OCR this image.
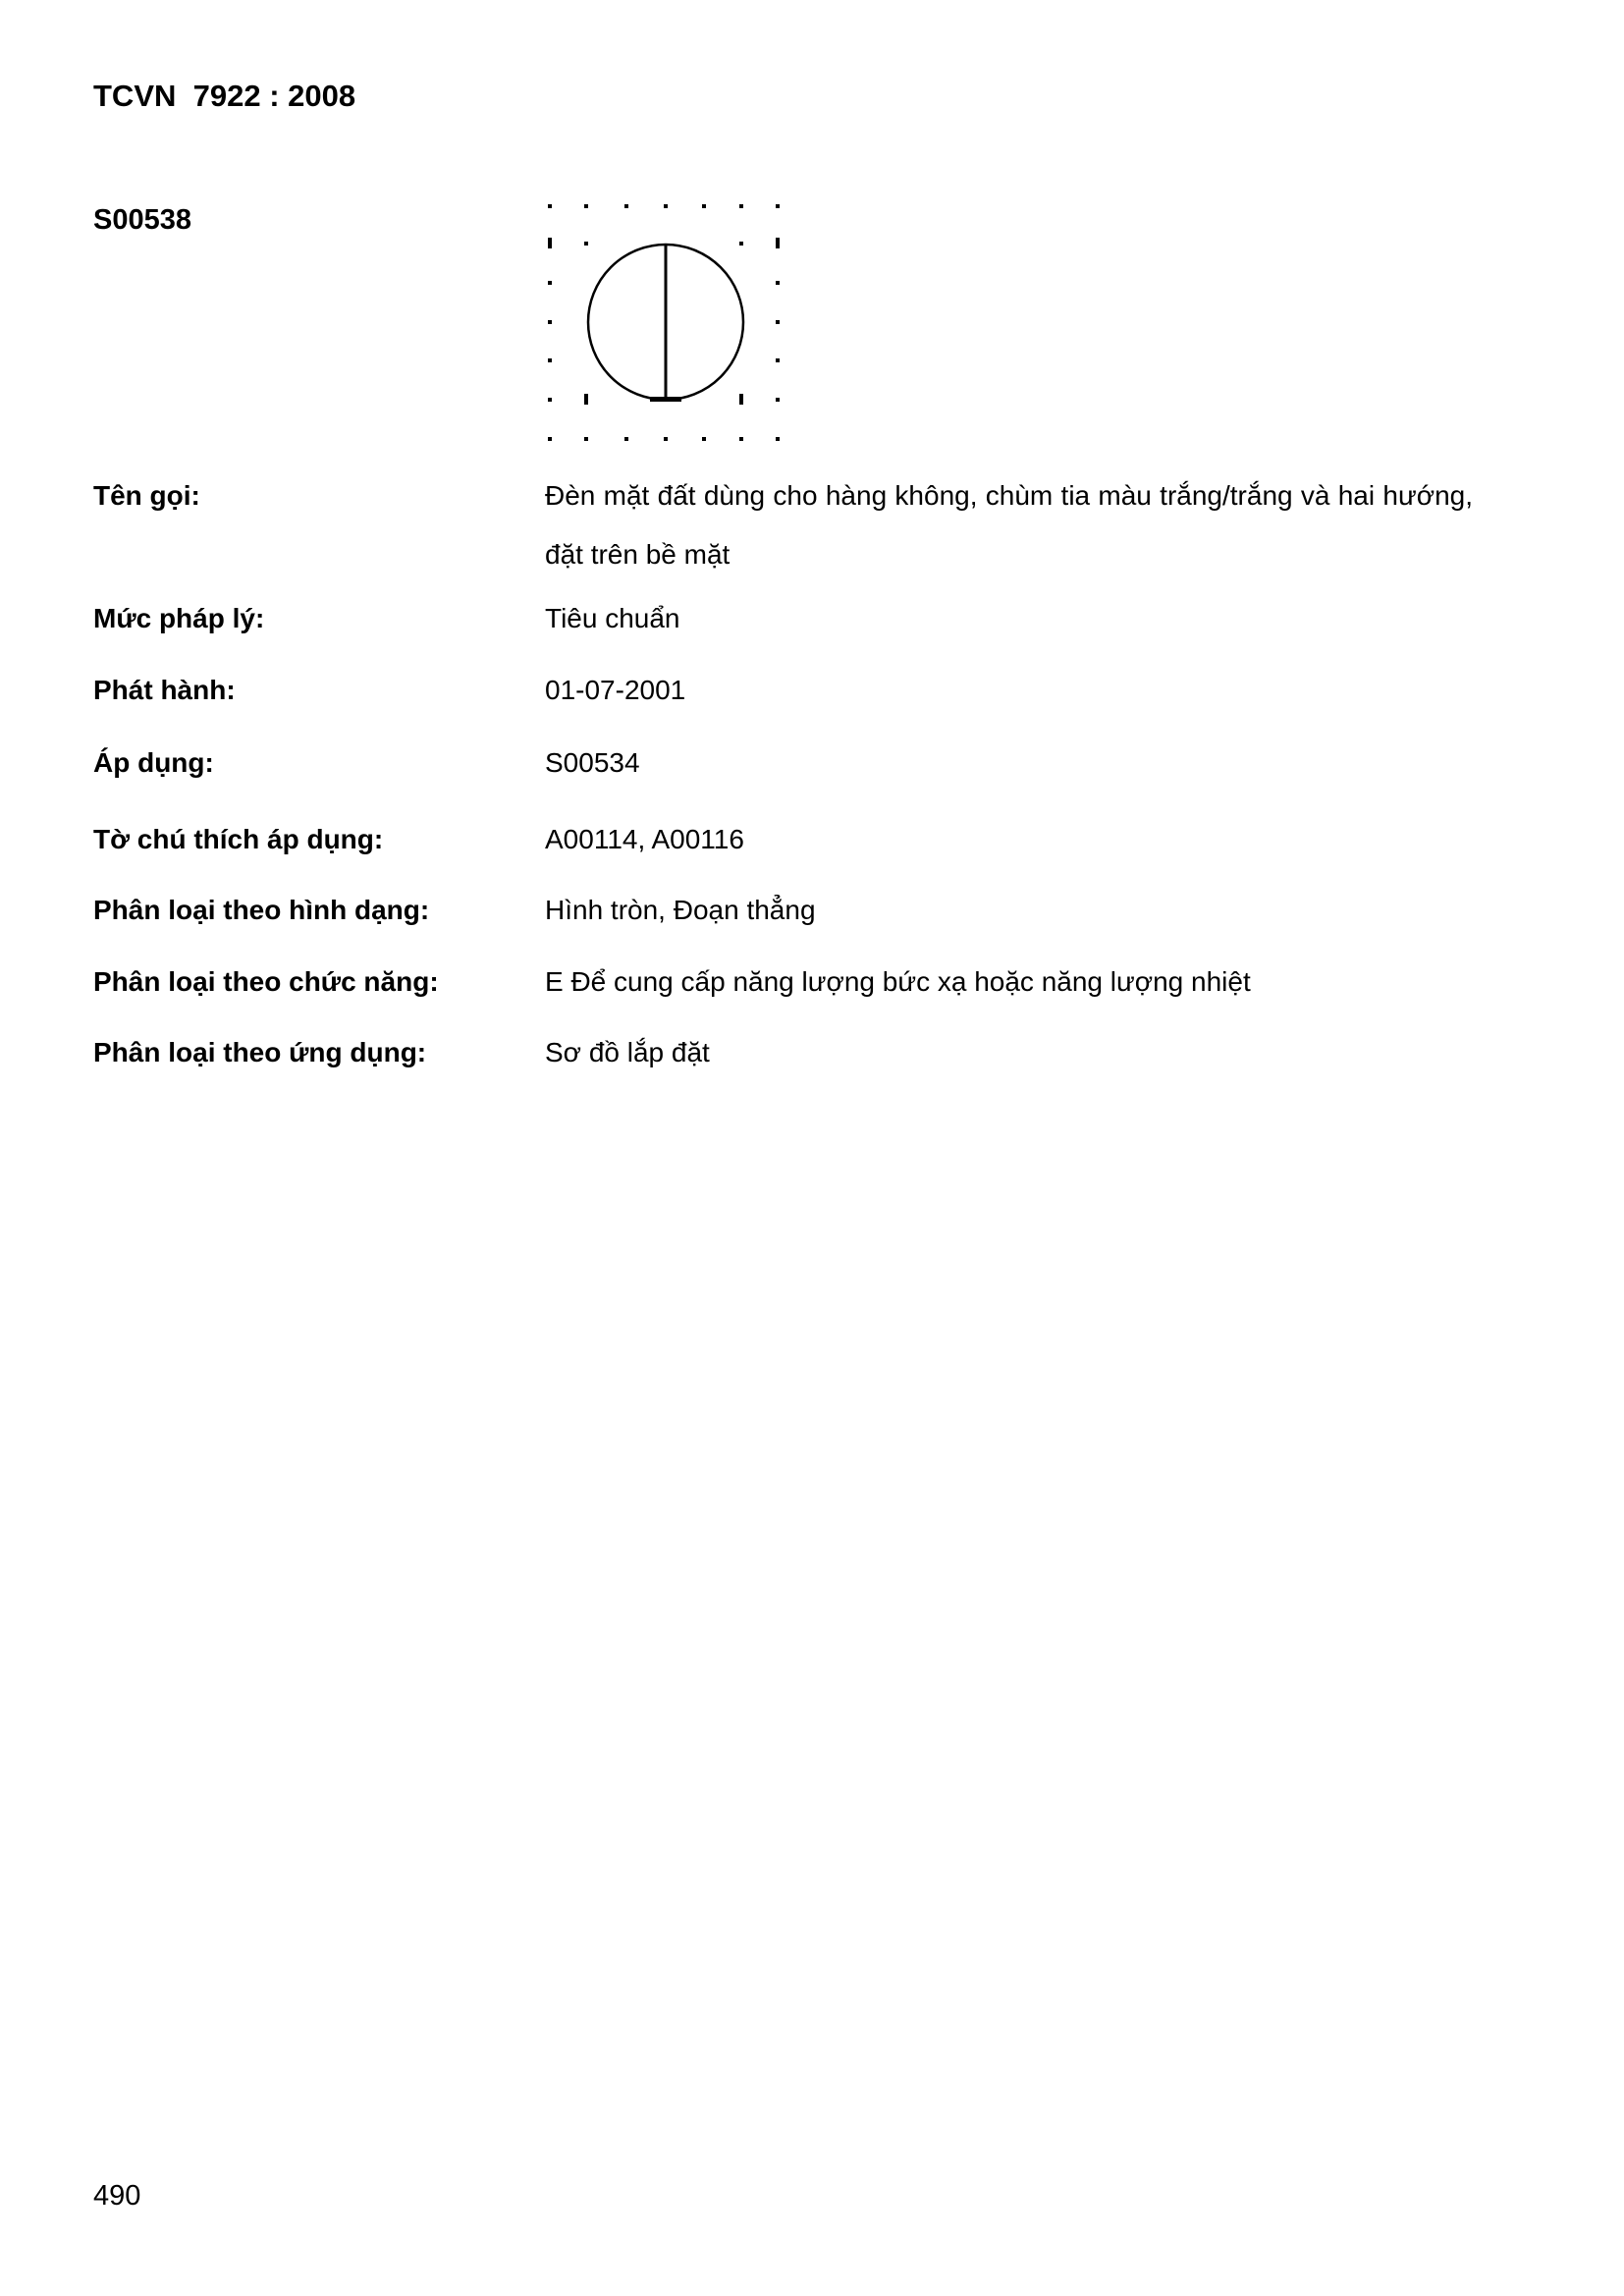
TCVN  7922 : 2008
S00538
Tên gọi:	Đèn mặt đất dùng cho hàng không, chùm tia màu trắng/trắng và hai hướng, đặt trên bề mặt
Mức pháp lý:	Tiêu chuẩn
Phát hành:	01-07-2001
Áp dụng:	S00534
Tờ chú thích áp dụng:	A00114, A00116
Phân loại theo hình dạng:	Hình tròn, Đoạn thẳng
Phân loại theo chức năng:	E Để cung cấp năng lượng bức xạ hoặc năng lượng nhiệt
Phân loại theo ứng dụng:	Sơ đồ lắp đặt
490
